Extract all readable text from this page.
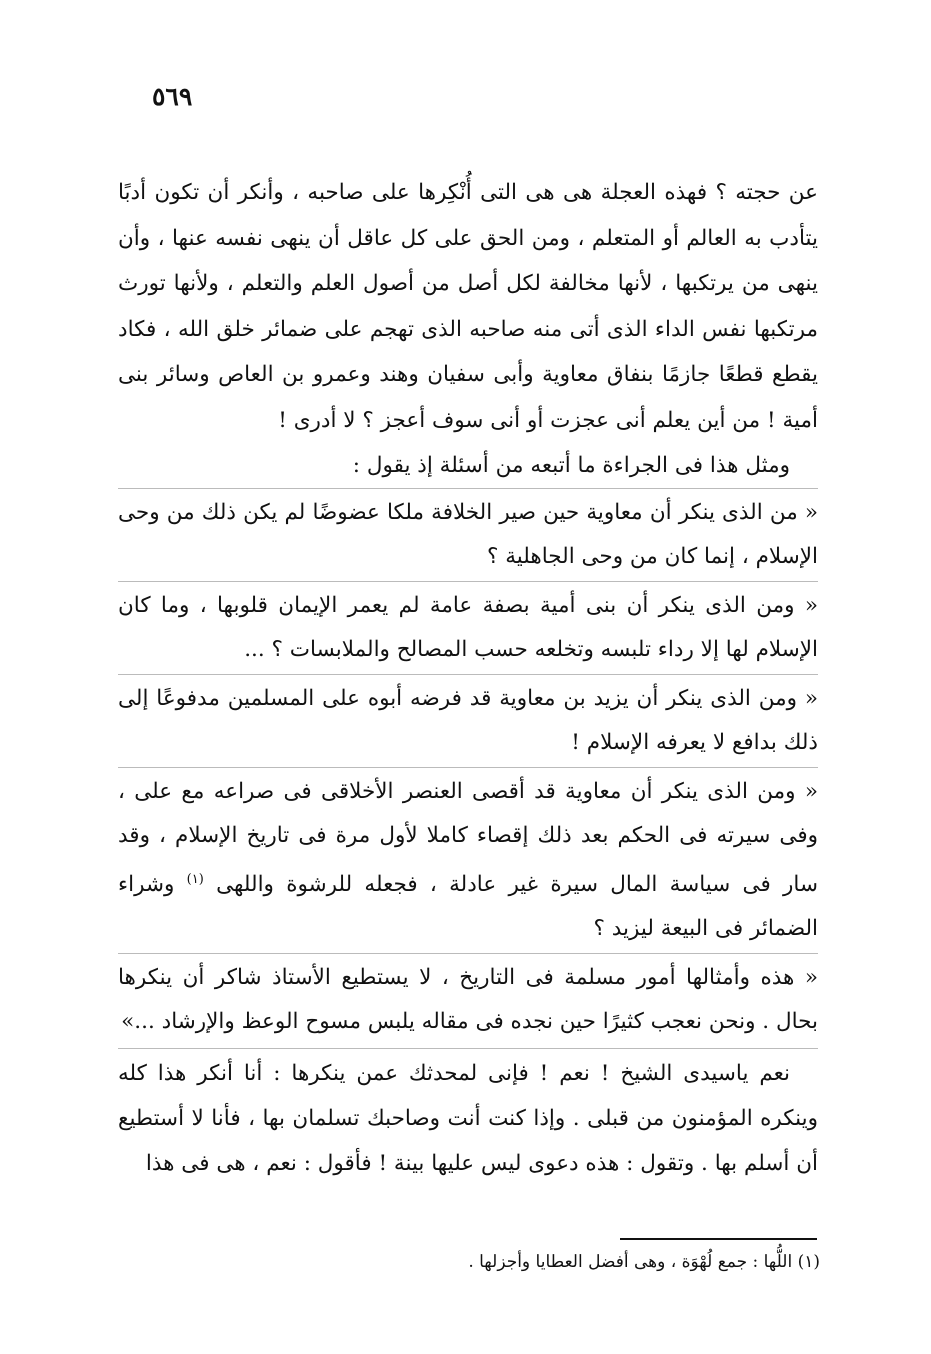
٥٦٩

عن حجته ؟ فهذه العجلة هى هى التى أُنْكِرها على صاحبه ، وأنكر أن تكون أدبًا يتأدب به العالم أو المتعلم ، ومن الحق على كل عاقل أن ينهى نفسه عنها ، وأن ينهى من يرتكبها ، لأنها مخالفة لكل أصل من أصول العلم والتعلم ، ولأنها تورث مرتكبها نفس الداء الذى أتى منه صاحبه الذى تهجم على ضمائر خلق الله ، فكاد يقطع قطعًا جازمًا بنفاق معاوية وأبى سفيان وهند وعمرو بن العاص وسائر بنى أمية ! من أين يعلم أنى عجزت أو أنى سوف أعجز ؟ لا أدرى !

ومثل هذا فى الجراءة ما أتبعه من أسئلة إذ يقول :

« من الذى ينكر أن معاوية حين صير الخلافة ملكا عضوضًا لم يكن ذلك من وحى الإسلام ، إنما كان من وحى الجاهلية ؟

« ومن الذى ينكر أن بنى أمية بصفة عامة لم يعمر الإيمان قلوبها ، وما كان الإسلام لها إلا رداء تلبسه وتخلعه حسب المصالح والملابسات ؟ ...

« ومن الذى ينكر أن يزيد بن معاوية قد فرضه أبوه على المسلمين مدفوعًا إلى ذلك بدافع لا يعرفه الإسلام !

« ومن الذى ينكر أن معاوية قد أقصى العنصر الأخلاقى فى صراعه مع على ، وفى سيرته فى الحكم بعد ذلك إقصاء كاملا لأول مرة فى تاريخ الإسلام ، وقد سار فى سياسة المال سيرة غير عادلة ، فجعله للرشوة واللهى $^{(١)}$ وشراء الضمائر فى البيعة ليزيد ؟

« هذه وأمثالها أمور مسلمة فى التاريخ ، لا يستطيع الأستاذ شاكر أن ينكرها بحال . ونحن نعجب كثيرًا حين نجده فى مقاله يلبس مسوح الوعظ والإرشاد ...»

نعم ياسيدى الشيخ ! نعم ! فإنى لمحدثك عمن ينكرها : أنا أنكر هذا كله وينكره المؤمنون من قبلى . وإذا كنت أنت وصاحبك تسلمان بها ، فأنا لا أستطيع أن أسلم بها . وتقول : هذه دعوى ليس عليها بينة ! فأقول : نعم ، هى فى هذا

(١) اللُّها : جمع لُهْوَة ، وهى أفضل العطايا وأجزلها .
